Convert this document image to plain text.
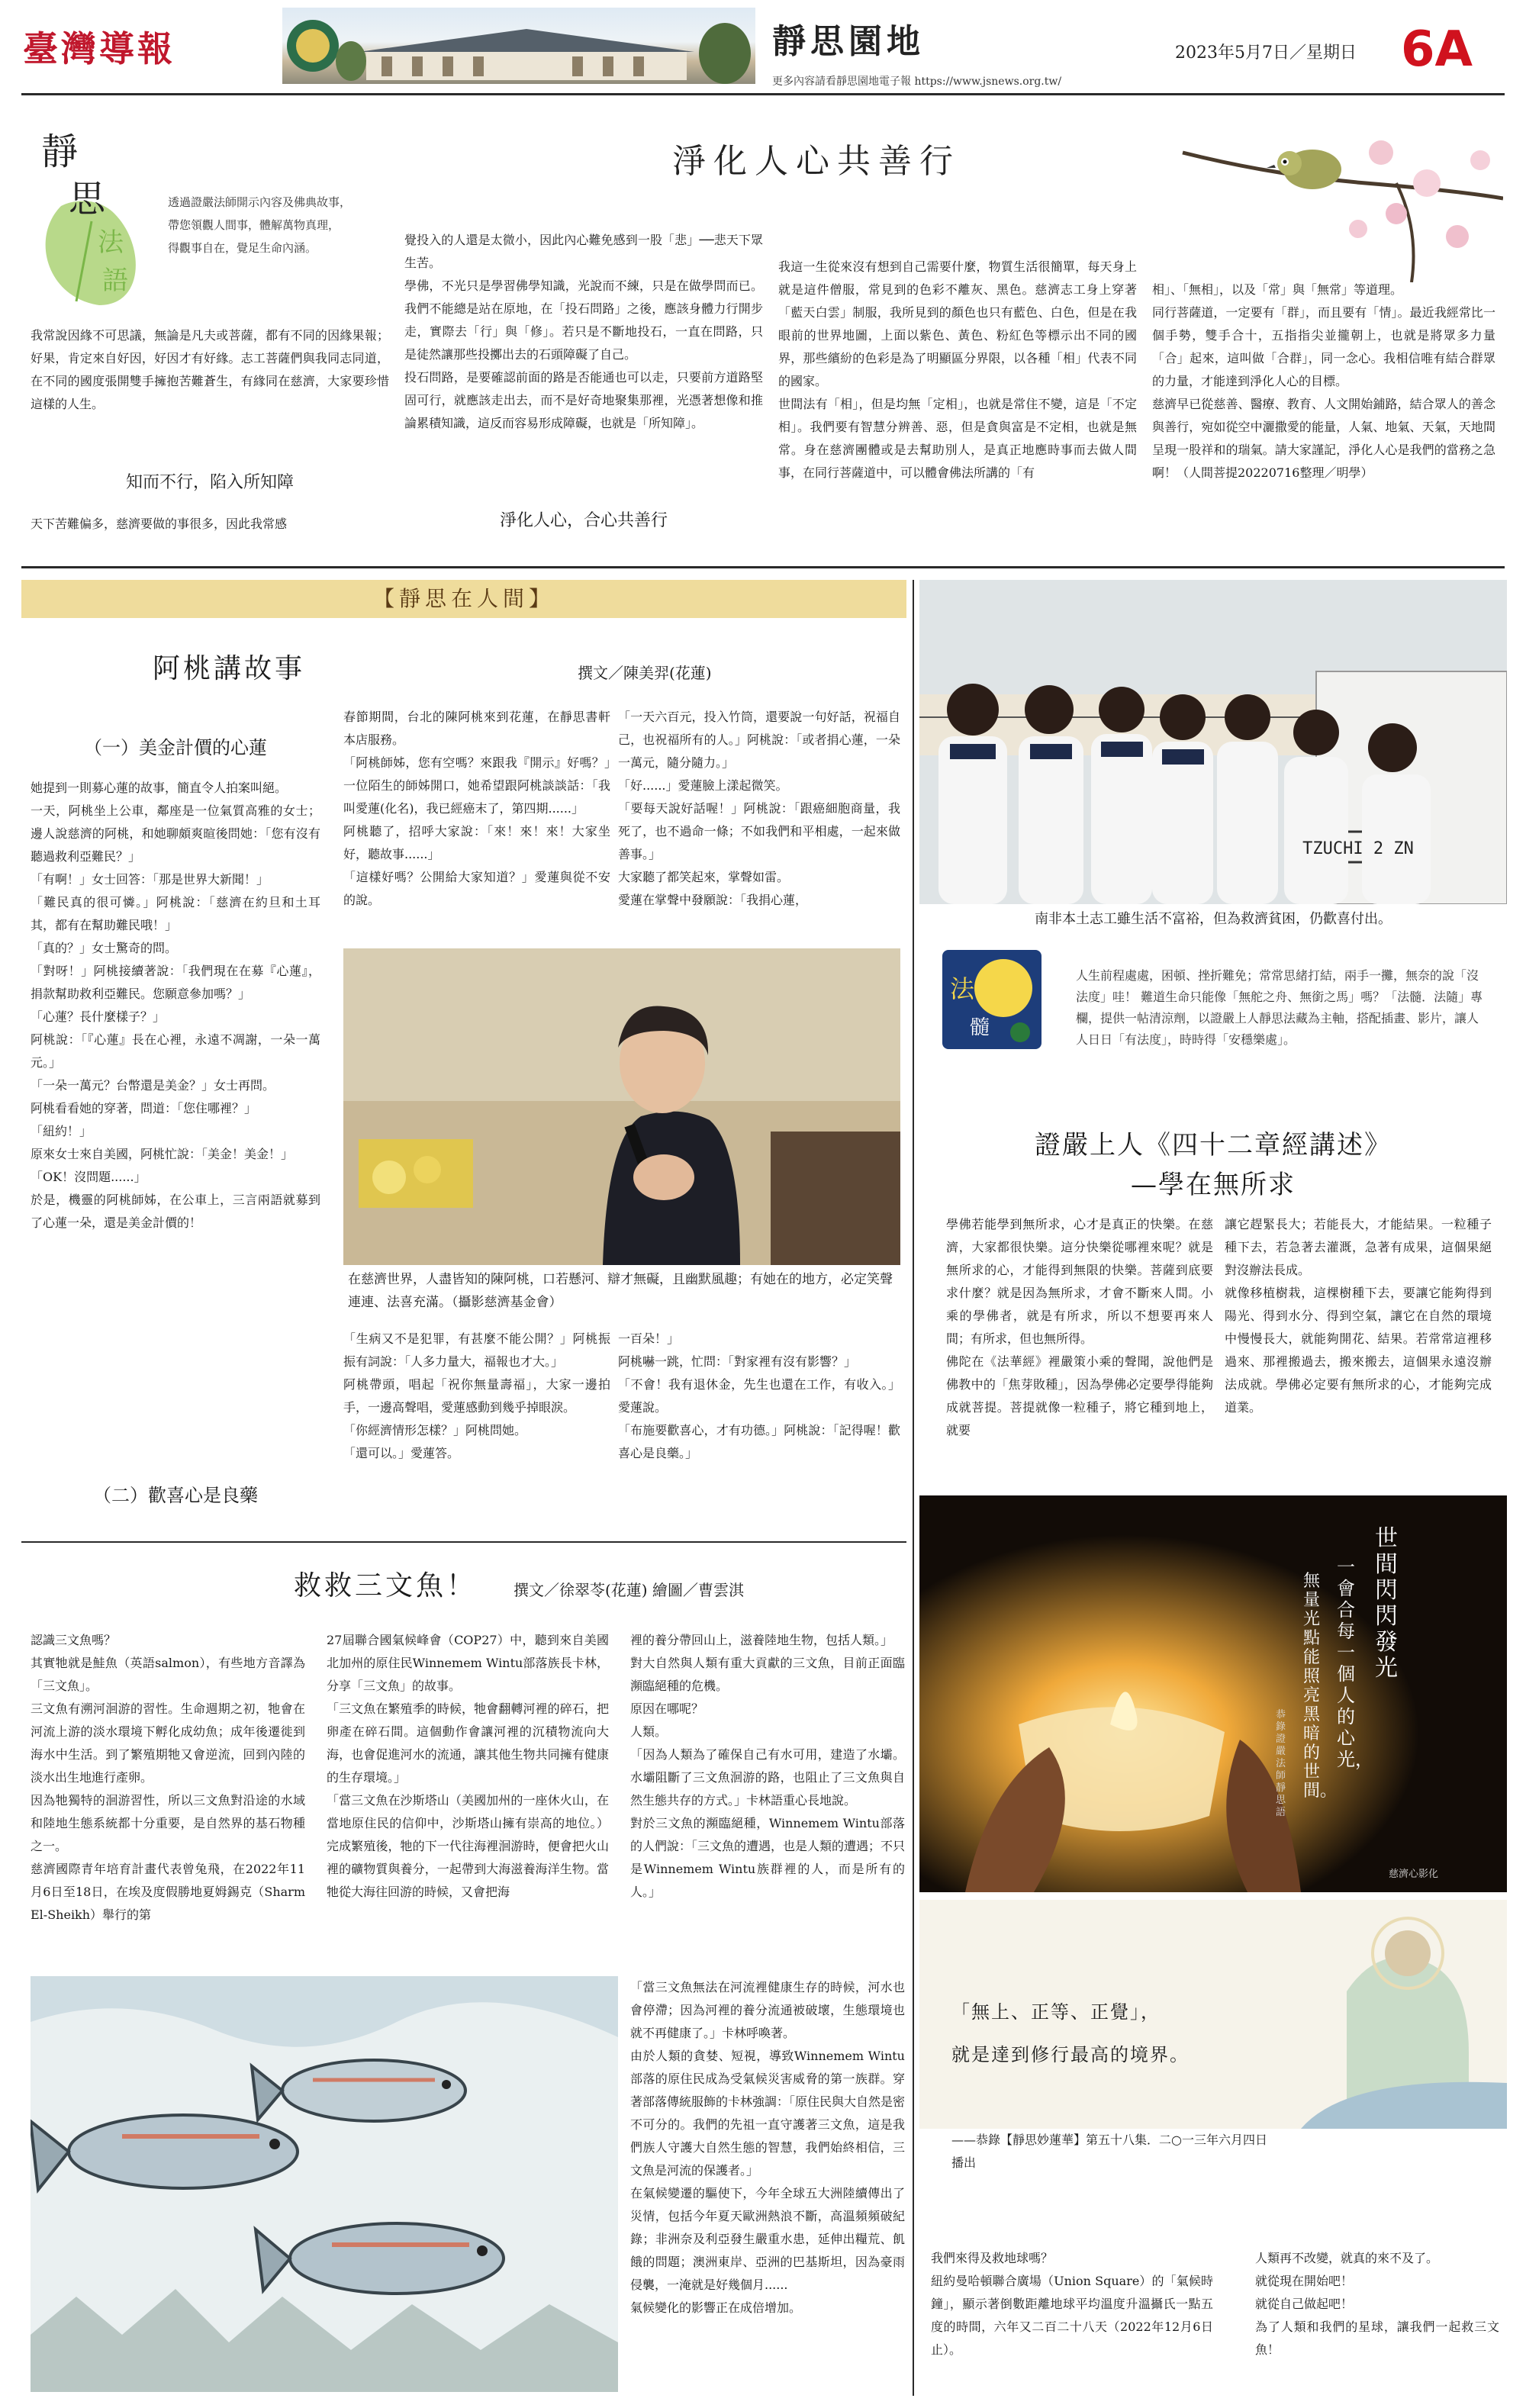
臺灣導報	靜思園地
更多內容請看靜思園地電子報 https://www.jsnews.org.tw/
2023年5月7日／星期日 6A
靜
思
法
語
透過證嚴法師開示內容及佛典故事，
帶您領觀人間事，體解萬物真理，
得觀事自在，覺足生命內涵。
淨化人心共善行
我常說因緣不可思議，無論是凡夫或菩薩，都有不同的因緣果報；好果，肯定來自好因，好因才有好緣。志工菩薩們與我同志同道，在不同的國度張開雙手擁抱苦難蒼生，有緣同在慈濟，大家要珍惜這樣的人生。
知而不行，陷入所知障
天下苦難偏多，慈濟要做的事很多，因此我常感
覺投入的人還是太微小，因此內心難免感到一股「悲」──悲天下眾生苦。
學佛，不光只是學習佛學知識，光說而不練，只是在做學問而已。我們不能總是站在原地，在「投石問路」之後，應該身體力行開步走，實際去「行」與「修」。若只是不斷地投石，一直在問路，只是徒然讓那些投擲出去的石頭障礙了自己。
投石問路，是要確認前面的路是否能通也可以走，只要前方道路堅固可行，就應該走出去，而不是好奇地聚集那裡，光憑著想像和推論累積知識，這反而容易形成障礙，也就是「所知障」。
淨化人心，合心共善行
我這一生從來沒有想到自己需要什麼，物質生活很簡單，每天身上就是這件僧服，常見到的色彩不離灰、黑色。慈濟志工身上穿著「藍天白雲」制服，我所見到的顏色也只有藍色、白色，但是在我眼前的世界地圖，上面以紫色、黃色、粉紅色等標示出不同的國界，那些繽紛的色彩是為了明顯區分界限，以各種「相」代表不同的國家。
世間法有「相」，但是均無「定相」，也就是常住不變，這是「不定相」。我們要有智慧分辨善、惡，但是貪與富是不定相，也就是無常。身在慈濟團體或是去幫助別人，是真正地應時事而去做人間事，在同行菩薩道中，可以體會佛法所講的「有
相」、「無相」，以及「常」與「無常」等道理。
同行菩薩道，一定要有「群」，而且要有「情」。最近我經常比一個手勢，雙手合十，五指指尖並攏朝上，也就是將眾多力量「合」起來，這叫做「合群」，同一念心。我相信唯有結合群眾的力量，才能達到淨化人心的目標。
慈濟早已從慈善、醫療、教育、人文開始鋪路，結合眾人的善念與善行，宛如從空中灑撒愛的能量，人氣、地氣、天氣，天地間呈現一股祥和的瑞氣。請大家謹記，淨化人心是我們的當務之急啊！（人間菩提20220716整理／明學）
【靜思在人間】
阿桃講故事	撰文／陳美羿(花蓮)
（一）美金計價的心蓮
她提到一則募心蓮的故事，簡直令人拍案叫絕。
一天，阿桃坐上公車，鄰座是一位氣質高雅的女士；邊人說慈濟的阿桃，和她聊頗爽暄後問她：「您有沒有聽過救利亞難民？」
「有啊！」女士回答：「那是世界大新聞！」
「難民真的很可憐。」阿桃說：「慈濟在約旦和土耳其，都有在幫助難民哦！」
「真的？」女士驚奇的問。
「對呀！」阿桃接續著說：「我們現在在募『心蓮』，捐款幫助救利亞難民。您願意參加嗎？」
「心蓮？長什麼樣子？」
阿桃說：「『心蓮』長在心裡，永遠不凋謝，一朵一萬元。」
「一朵一萬元？台幣還是美金？」女士再問。
阿桃看看她的穿著，問道：「您住哪裡？」
「紐約！」
原來女士來自美國，阿桃忙說：「美金！美金！」
「OK！沒問題......」
於是，機靈的阿桃師姊，在公車上，三言兩語就募到了心蓮一朵，還是美金計價的！
（二）歡喜心是良藥
春節期間，台北的陳阿桃來到花蓮，在靜思書軒本店服務。
「阿桃師姊，您有空嗎？來跟我『開示』好嗎？」一位陌生的師姊開口，她希望跟阿桃談談話：「我叫愛蓮(化名)，我已經癌末了，第四期......」
阿桃聽了，招呼大家說：「來！來！來！大家坐好，聽故事......」
「這樣好嗎？公開給大家知道？」愛蓮與從不安的說。
「一天六百元，投入竹筒，還要說一句好話，祝福自己，也祝福所有的人。」阿桃說：「或者捐心蓮，一朵一萬元，隨分隨力。」
「好......」愛蓮臉上漾起微笑。
「要每天說好話喔！」阿桃說：「跟癌細胞商量，我死了，也不過命一條；不如我們和平相處，一起來做善事。」
大家聽了都笑起來，掌聲如雷。
愛蓮在掌聲中發願說：「我捐心蓮，
在慈濟世界，人盡皆知的陳阿桃，口若懸河、辯才無礙，且幽默風趣；有她在的地方，必定笑聲連連、法喜充滿。（攝影慈濟基金會）
「生病又不是犯罪，有甚麼不能公開？」阿桃振振有詞說：「人多力量大，福報也才大。」
阿桃帶頭，唱起「祝你無量壽福」，大家一邊拍手，一邊高聲唱，愛蓮感動到幾乎掉眼淚。
「你經濟情形怎樣？」阿桃問她。
「還可以。」愛蓮答。
一百朵！」
阿桃嚇一跳，忙問：「對家裡有沒有影響？」
「不會！我有退休金，先生也還在工作，有收入。」愛蓮說。
「布施要歡喜心，才有功德。」阿桃說：「記得喔！歡喜心是良藥。」
救救三文魚！ 撰文／徐翠苓(花蓮) 繪圖／曹雲淇
認識三文魚嗎？
其實牠就是鮭魚（英語salmon），有些地方音譯為「三文魚」。
三文魚有溯河洄游的習性。生命週期之初，牠會在河流上游的淡水環境下孵化成幼魚；成年後遷徙到海水中生活。到了繁殖期牠又會逆流，回到內陸的淡水出生地進行產卵。
因為牠獨特的洄游習性，所以三文魚對沿途的水域和陸地生態系統都十分重要，是自然界的基石物種之一。
慈濟國際青年培育計畫代表曾兔飛，在2022年11月6日至18日，在埃及度假勝地夏姆錫克（Sharm El-Sheikh）舉行的第
27屆聯合國氣候峰會（COP27）中，聽到來自美國北加州的原住民Winnemem Wintu部落族長卡林，分享「三文魚」的故事。
「三文魚在繁殖季的時候，牠會翻轉河裡的碎石，把卵產在碎石間。這個動作會讓河裡的沉積物流向大海，也會促進河水的流通，讓其他生物共同擁有健康的生存環境。」
「當三文魚在沙斯塔山（美國加州的一座休火山，在當地原住民的信仰中，沙斯塔山擁有崇高的地位。）完成繁殖後，牠的下一代往海裡洄游時，便會把火山裡的礦物質與養分，一起帶到大海滋養海洋生物。當牠從大海往回游的時候，又會把海
裡的養分帶回山上，滋養陸地生物，包括人類。」
對大自然與人類有重大貢獻的三文魚，目前正面臨瀕臨絕種的危機。
原因在哪呢？
人類。
「因為人類為了確保自己有水可用，建造了水壩。水壩阻斷了三文魚洄游的路，也阻止了三文魚與自然生態共存的方式。」卡林語重心長地說。
對於三文魚的瀕臨絕種，Winnemem Wintu部落的人們說：「三文魚的遭遇，也是人類的遭遇；不只是Winnemem Wintu族群裡的人，而是所有的人。」
「當三文魚無法在河流裡健康生存的時候，河水也會停滯；因為河裡的養分流通被破壞，生態環境也就不再健康了。」卡林呼喚著。
由於人類的貪婪、短視，導致Winnemem Wintu部落的原住民成為受氣候災害威脅的第一族群。穿著部落傳統服飾的卡林強調：「原住民與大自然是密不可分的。我們的先祖一直守護著三文魚，這是我們族人守護大自然生態的智慧，我們始終相信，三文魚是河流的保護者。」
在氣候變遷的驅使下，今年全球五大洲陸續傳出了災情，包括今年夏天歐洲熱浪不斷，高溫頻頻破紀錄；非洲奈及利亞發生嚴重水患，延伸出糧荒、飢餓的問題；澳洲東岸、亞洲的巴基斯坦，因為豪雨侵襲，一淹就是好幾個月......
氣候變化的影響正在成倍增加。
TZUCHI 2 ZN
南非本土志工雖生活不富裕，但為救濟貧困，仍歡喜付出。
法
髓
人生前程處處，困頓、挫折難免；常常思緒打結，兩手一攤，無奈的說「沒法度」哇！ 難道生命只能像「無舵之舟、無銜之馬」嗎？「法髓．法隨」專欄，提供一帖清涼劑，以證嚴上人靜思法藏為主軸，搭配插畫、影片，讓人人日日「有法度」，時時得「安穩樂處」。
證嚴上人《四十二章經講述》
—學在無所求
學佛若能學到無所求，心才是真正的快樂。在慈濟，大家都很快樂。這分快樂從哪裡來呢？就是無所求的心，才能得到無限的快樂。菩薩到底要求什麼？就是因為無所求，才會不斷來人間。小乘的學佛者，就是有所求，所以不想要再來人間；有所求，但也無所得。
佛陀在《法華經》裡嚴策小乘的聲聞，說他們是佛教中的「焦芽敗種」，因為學佛必定要學得能夠成就菩提。菩提就像一粒種子，將它種到地上，就要
讓它趕緊長大；若能長大，才能結果。一粒種子種下去，若急著去灌溉，急著有成果，這個果絕對沒辦法長成。
就像移植樹栽，這棵樹種下去，要讓它能夠得到陽光、得到水分、得到空氣，讓它在自然的環境中慢慢長大，就能夠開花、結果。若常常這裡移過來、那裡搬過去，搬來搬去，這個果永遠沒辦法成就。學佛必定要有無所求的心，才能夠完成道業。
世間閃閃發光
一會合每一個人的心光，
無量光點能照亮黑暗的世間。
恭錄證嚴法師靜思語
慈濟心影化
「無上、正等、正覺」，
就是達到修行最高的境界。
——恭錄【靜思妙蓮華】第五十八集．二○一三年六月四日播出
我們來得及救地球嗎？
紐約曼哈頓聯合廣場（Union Square）的「氣候時鐘」，顯示著倒數距離地球平均溫度升溫攝氏一點五度的時間，六年又二百二十八天（2022年12月6日止）。
人類再不改變，就真的來不及了。
就從現在開始吧！
就從自己做起吧！
為了人類和我們的星球，讓我們一起救三文魚！
